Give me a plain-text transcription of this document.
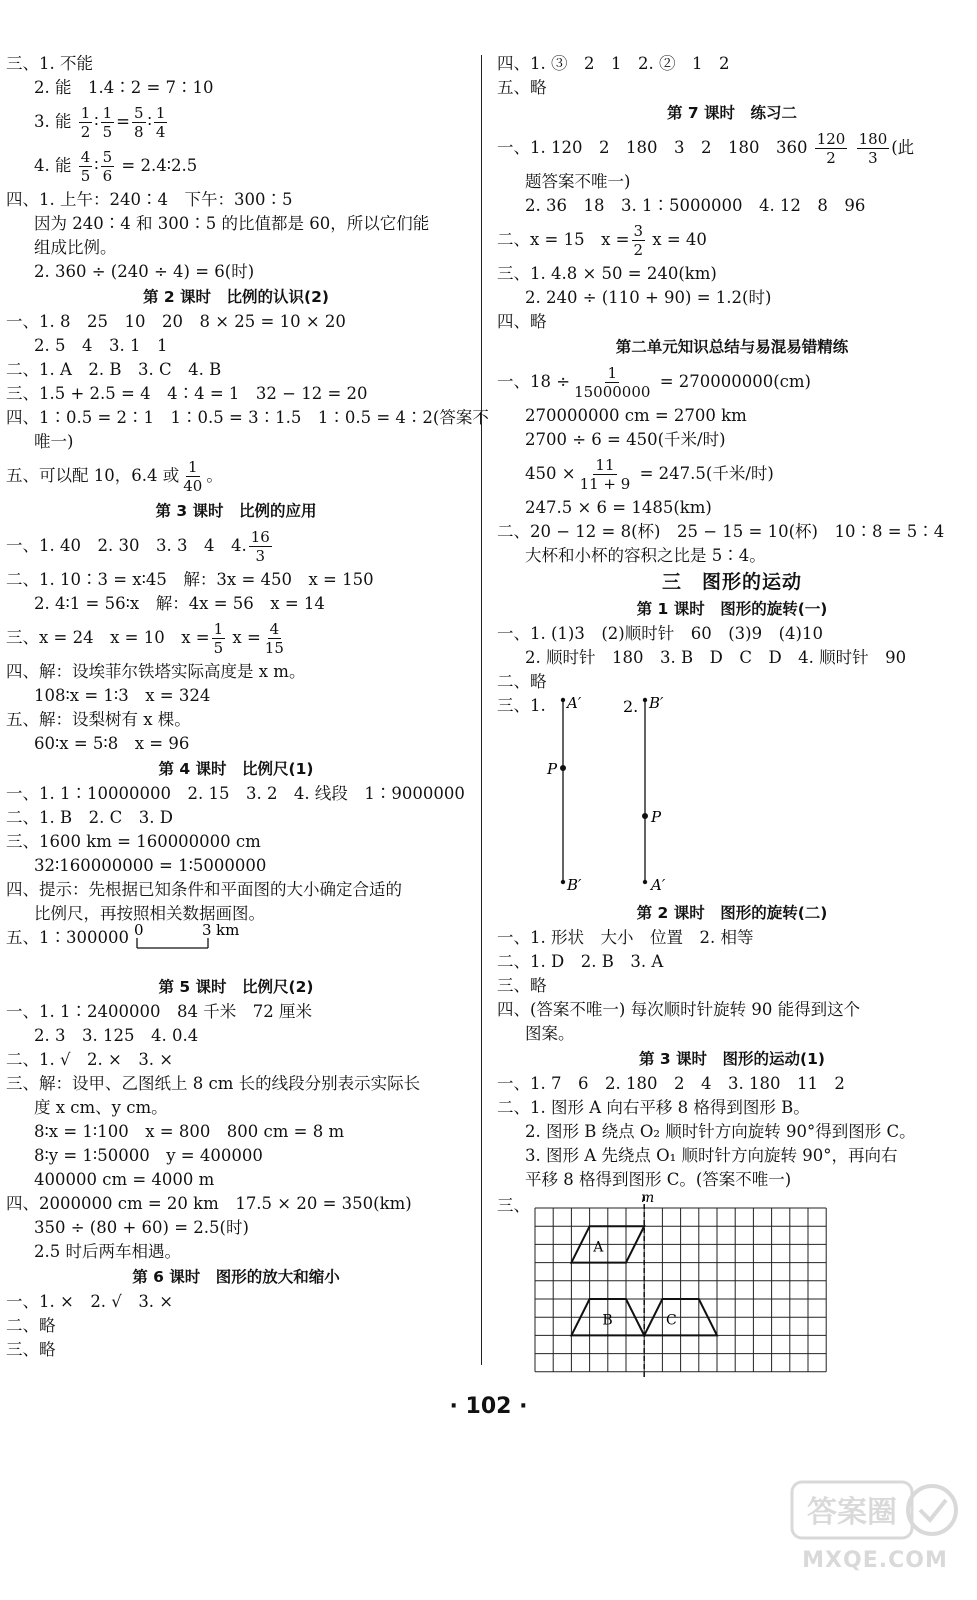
三、1. 不能
2. 能　1.4∶2 = 7∶10
3. 能 $\frac{1}{2}$ ∶ $\frac{1}{5} = \frac{5}{8}$ ∶ $\frac{1}{4}$
4. 能 $\frac{4}{5}$ ∶ $\frac{5}{6}$ = 2.4∶2.5
四、1. 上午：240∶4　下午：300∶5
因为 240∶4 和 300∶5 的比值都是 60，所以它们能
组成比例。
2. 360 ÷ (240 ÷ 4) = 6(时)
第 2 课时　比例的认识(2)
一、1. 8　25　10　20　8 × 25 = 10 × 20
2. 5　4　3. 1　1
二、1. A　2. B　3. C　4. B
三、1.5 + 2.5 = 4　4∶4 = 1　32 − 12 = 20
四、1∶0.5 = 2∶1　1∶0.5 = 3∶1.5　1∶0.5 = 4∶2(答案不
唯一)
五、可以配 10，6.4 或 $\frac{1}{40}$ 。
第 3 课时　比例的应用
一、1. 40　2. 30　3. 3　4　4. $\frac{16}{3}$
二、1. 10∶3 = x∶45　解：3x = 450　x = 150
2. 4∶1 = 56∶x　解：4x = 56　x = 14
三、x = 24　x = 10　$x = \frac{1}{5}$ $x = \frac{4}{15}$
四、解：设埃菲尔铁塔实际高度是 x m。
108∶x = 1∶3　x = 324
五、解：设梨树有 x 棵。
60∶x = 5∶8　x = 96
第 4 课时　比例尺(1)
一、1. 1∶10000000　2. 15　3. 2　4. 线段　1∶9000000
二、1. B　2. C　3. D
三、1600 km = 160000000 cm
32∶160000000 = 1∶5000000
四、提示：先根据已知条件和平面图的大小确定合适的
比例尺，再按照相关数据画图。
五、1∶300000 0	3 km
第 5 课时　比例尺(2)
一、1. 1∶2400000　84 千米　72 厘米
2. 3　3. 125　4. 0.4
二、1. √　2. ×　3. ×
三、解：设甲、乙图纸上 8 cm 长的线段分别表示实际长
度 x cm、y cm。
8∶x = 1∶100　x = 800　800 cm = 8 m
8∶y = 1∶50000　y = 400000
400000 cm = 4000 m
四、2000000 cm = 20 km　17.5 × 20 = 350(km)
350 ÷ (80 + 60) = 2.5(时)
2.5 时后两车相遇。
第 6 课时　图形的放大和缩小
一、1. ×　2. √　3. ×
二、略
三、略
四、1. ③　2　1　2. ②　1　2
五、略
第 7 课时　练习二
一、1. 120　2　180　3　2　180　$360 \frac{120}{2}$
$\frac{180}{3}$ (此
题答案不唯一)
2. 36　18　3. 1∶5000000　4. 12　8　96
二、x = 15　$x = \frac{3}{2}$ x = 40
三、1. 4.8 × 50 = 240(km)
2. 240 ÷ (110 + 90) = 1.2(时)
四、略
第二单元知识总结与易混易错精练
一、$18 \div \frac{1}{15000000} = 270000000(cm)$
270000000 cm = 2700 km
2700 ÷ 6 = 450(千米/时)
$450 \times \frac{11}{11 + 9} = 247.5$(千米/时)
247.5 × 6 = 1485(km)
二、20 − 12 = 8(杯)　25 − 15 = 10(杯)　10∶8 = 5∶4
大杯和小杯的容积之比是 5∶4。
三　图形的运动
第 1 课时　图形的旋转(一)
一、1. (1)3　(2)顺时针　60　(3)9　(4)10
2. 顺时针　180　3. B　D　C　D　4. 顺时针　90
二、略
三、1. A′
P
B′
2. B′
P
A′
第 2 课时　图形的旋转(二)
一、1. 形状　大小　位置　2. 相等
二、1. D　2. B　3. A
三、略
四、(答案不唯一) 每次顺时针旋转 90 能得到这个
图案。
第 3 课时　图形的运动(1)
一、1. 7　6　2. 180　2　4　3. 180　11　2
二、1. 图形 A 向右平移 8 格得到图形 B。
2. 图形 B 绕点 O₂ 顺时针方向旋转 90°得到图形 C。
3. 图形 A 先绕点 O₁ 顺时针方向旋转 90°，再向右
平移 8 格得到图形 C。(答案不唯一)
三、	m
A
B	C
· 102 ·
答案圈
MXQE.COM
